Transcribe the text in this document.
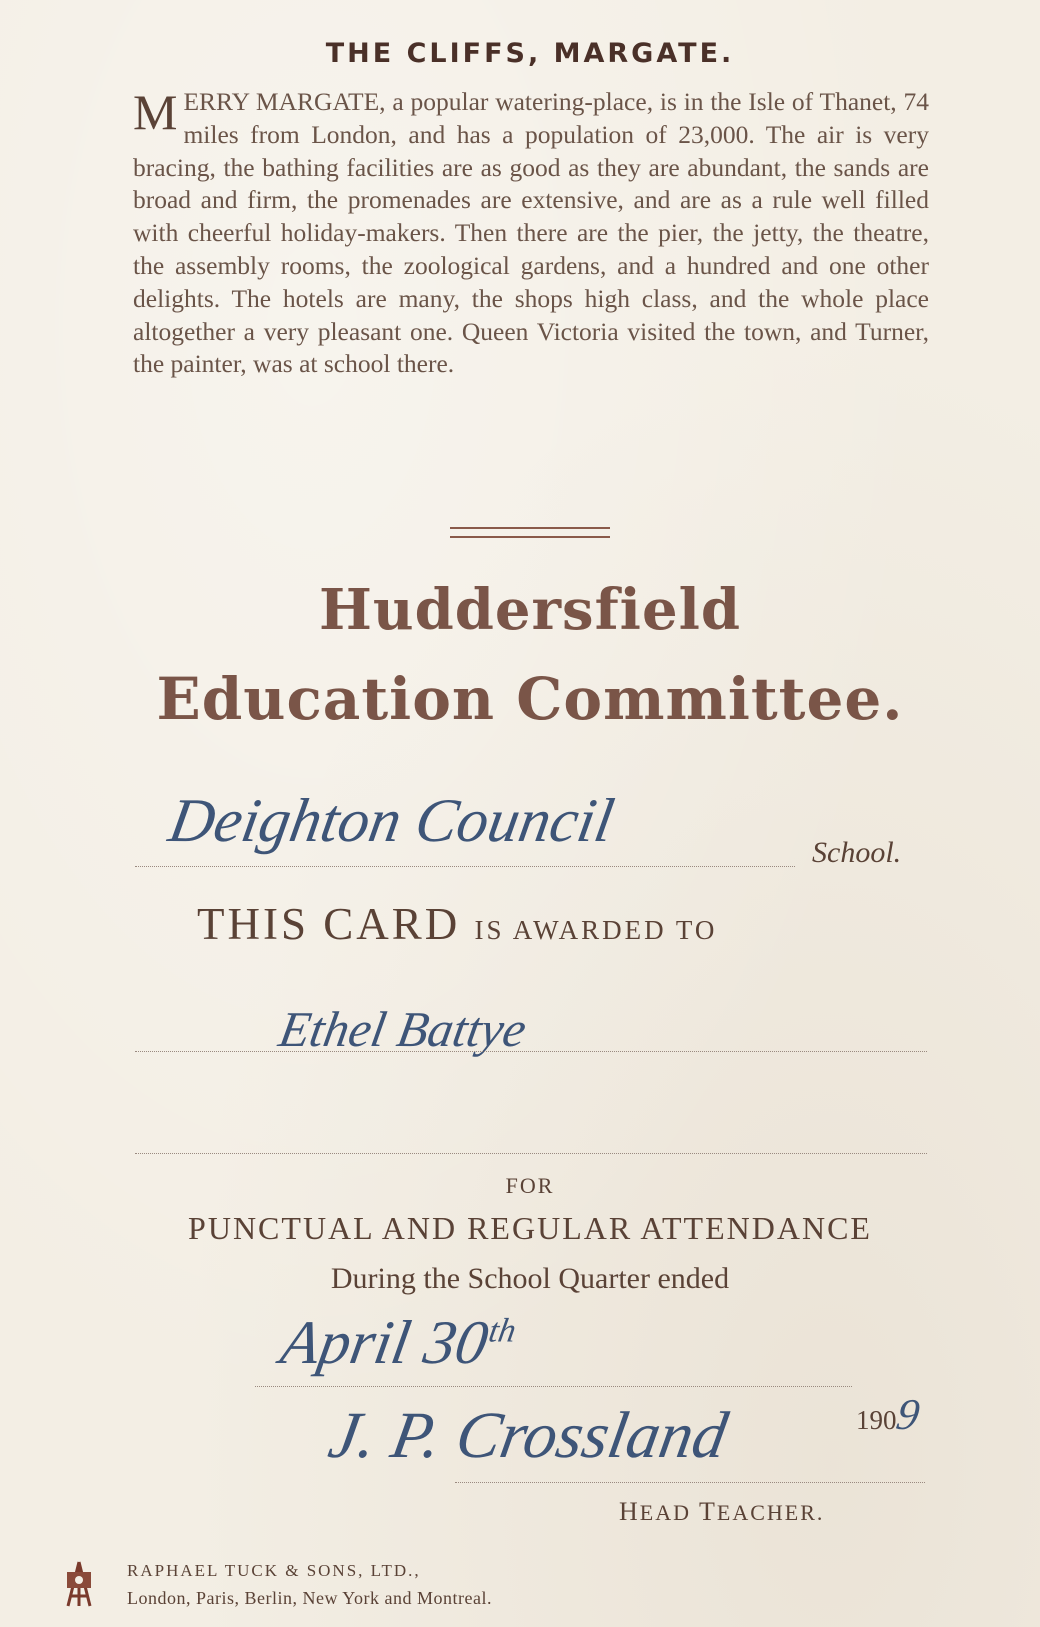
THE CLIFFS, MARGATE.
M ERRY MARGATE, a popular watering-place, is in the Isle of Thanet, 74 miles from London, and has a population of 23,000. The air is very bracing, the bathing facilities are as good as they are abundant, the sands are broad and firm, the promenades are extensive, and are as a rule well filled with cheerful holiday-makers. Then there are the pier, the jetty, the theatre, the assembly rooms, the zoological gardens, and a hundred and one other delights. The hotels are many, the shops high class, and the whole place altogether a very pleasant one. Queen Victoria visited the town, and Turner, the painter, was at school there.
Huddersfield
Education Committee.
Deighton Council	School.
THIS CARD IS AWARDED TO
Ethel Battye
FOR
PUNCTUAL AND REGULAR ATTENDANCE
During the School Quarter ended
April 30th
1909
J. P. Crossland
HEAD TEACHER.
RAPHAEL TUCK & SONS, LTD.,
London, Paris, Berlin, New York and Montreal.
